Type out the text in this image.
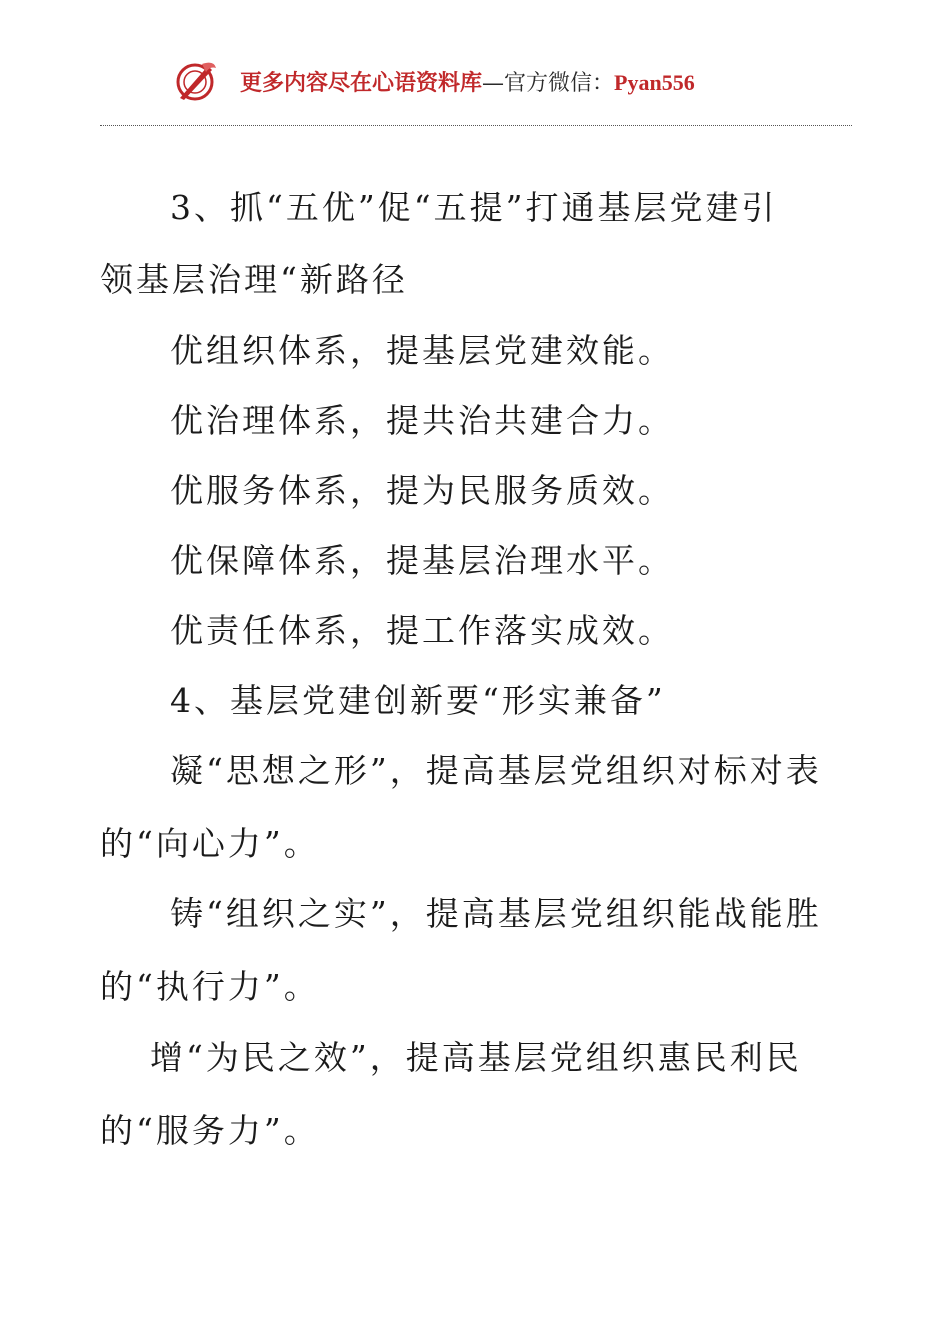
更多内容尽在心语资料库—官方微信：Pyan556
3、抓“五优”促“五提”打通基层党建引
领基层治理“新路径
优组织体系，提基层党建效能。
优治理体系，提共治共建合力。
优服务体系，提为民服务质效。
优保障体系，提基层治理水平。
优责任体系，提工作落实成效。
4、基层党建创新要“形实兼备”
凝“思想之形”，提高基层党组织对标对表
的“向心力”。
铸“组织之实”，提高基层党组织能战能胜
的“执行力”。
增“为民之效”，提高基层党组织惠民利民
的“服务力”。
